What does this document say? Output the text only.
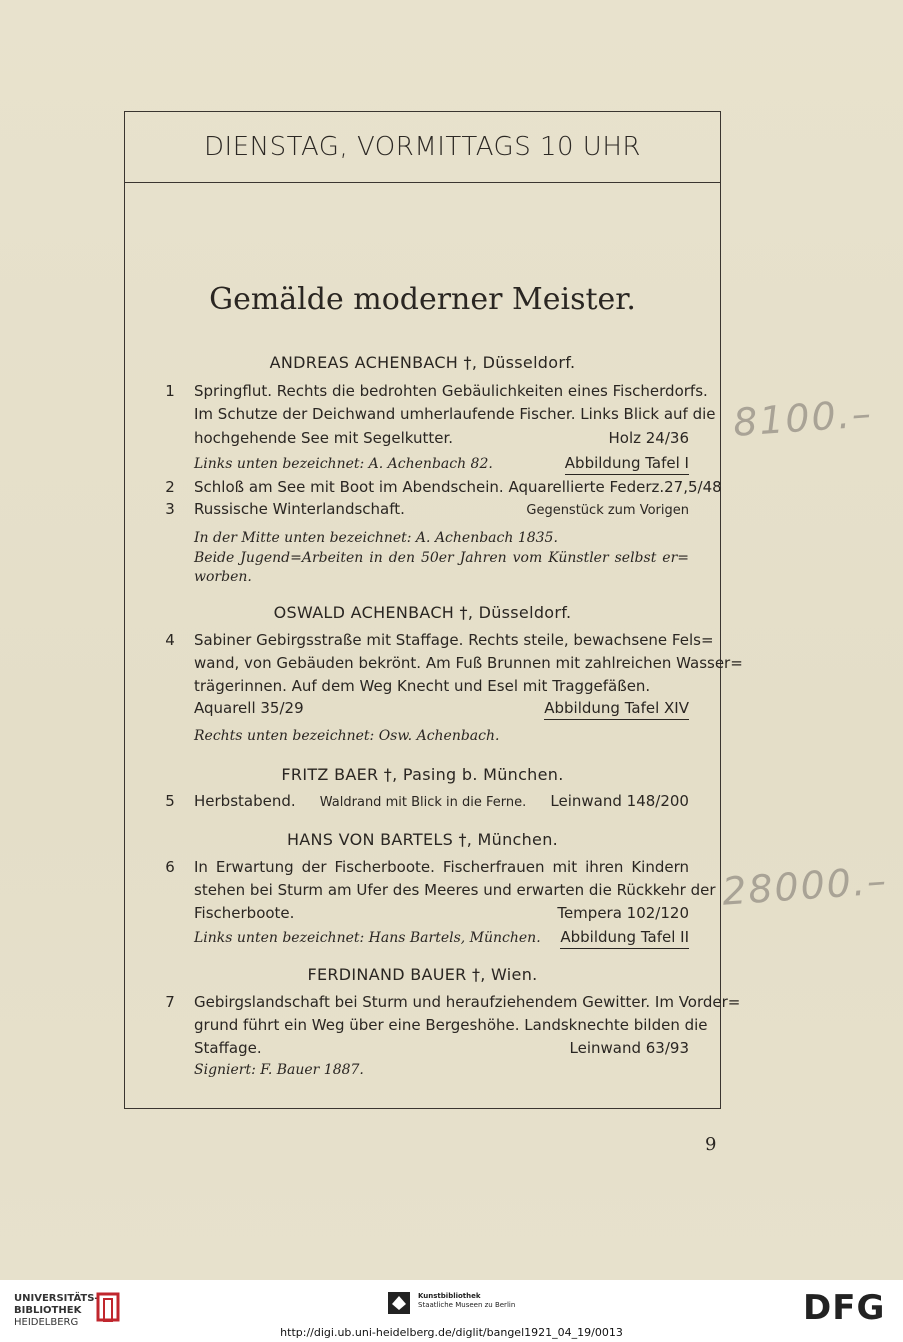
DIENSTAG, VORMITTAGS 10 UHR
Gemälde moderner Meister.
ANDREAS ACHENBACH †, Düsseldorf.
1	Springflut. Rechts die bedrohten Gebäulichkeiten eines Fischerdorfs.
Im Schutze der Deichwand umherlaufende Fischer. Links Blick auf die
hochgehende See mit Segelkutter.	Holz 24/36
Links unten bezeichnet: A. Achenbach 82.	Abbildung Tafel I
2	Schloß am See mit Boot im Abendschein. Aquarellierte Federz. 27,5/48
3	Russische Winterlandschaft.	Gegenstück zum Vorigen
In der Mitte unten bezeichnet: A. Achenbach 1835.
Beide Jugend=Arbeiten in den 50er Jahren vom Künstler selbst er=
worben.
OSWALD ACHENBACH †, Düsseldorf.
4	Sabiner Gebirgsstraße mit Staffage. Rechts steile, bewachsene Fels=
wand, von Gebäuden bekrönt. Am Fuß Brunnen mit zahlreichen Wasser=
trägerinnen. Auf dem Weg Knecht und Esel mit Traggefäßen.
Aquarell 35/29	Abbildung Tafel XIV
Rechts unten bezeichnet: Osw. Achenbach.
FRITZ BAER †, Pasing b. München.
5	Herbstabend. Waldrand mit Blick in die Ferne. Leinwand 148/200
HANS VON BARTELS †, München.
6	In Erwartung der Fischerboote. Fischerfrauen mit ihren Kindern
stehen bei Sturm am Ufer des Meeres und erwarten die Rückkehr der
Fischerboote.	Tempera 102/120
Links unten bezeichnet: Hans Bartels, München. Abbildung Tafel II
FERDINAND BAUER †, Wien.
7	Gebirgslandschaft bei Sturm und heraufziehendem Gewitter. Im Vorder=
grund führt ein Weg über eine Bergeshöhe. Landsknechte bilden die
Staffage.	Leinwand 63/93
Signiert: F. Bauer 1887.
8100.–
28000.–
9
UNIVERSITÄTS-
BIBLIOTHEK
HEIDELBERG
Kunstbibliothek
Staatliche Museen zu Berlin	DFG
http://digi.ub.uni-heidelberg.de/diglit/bangel1921_04_19/0013
